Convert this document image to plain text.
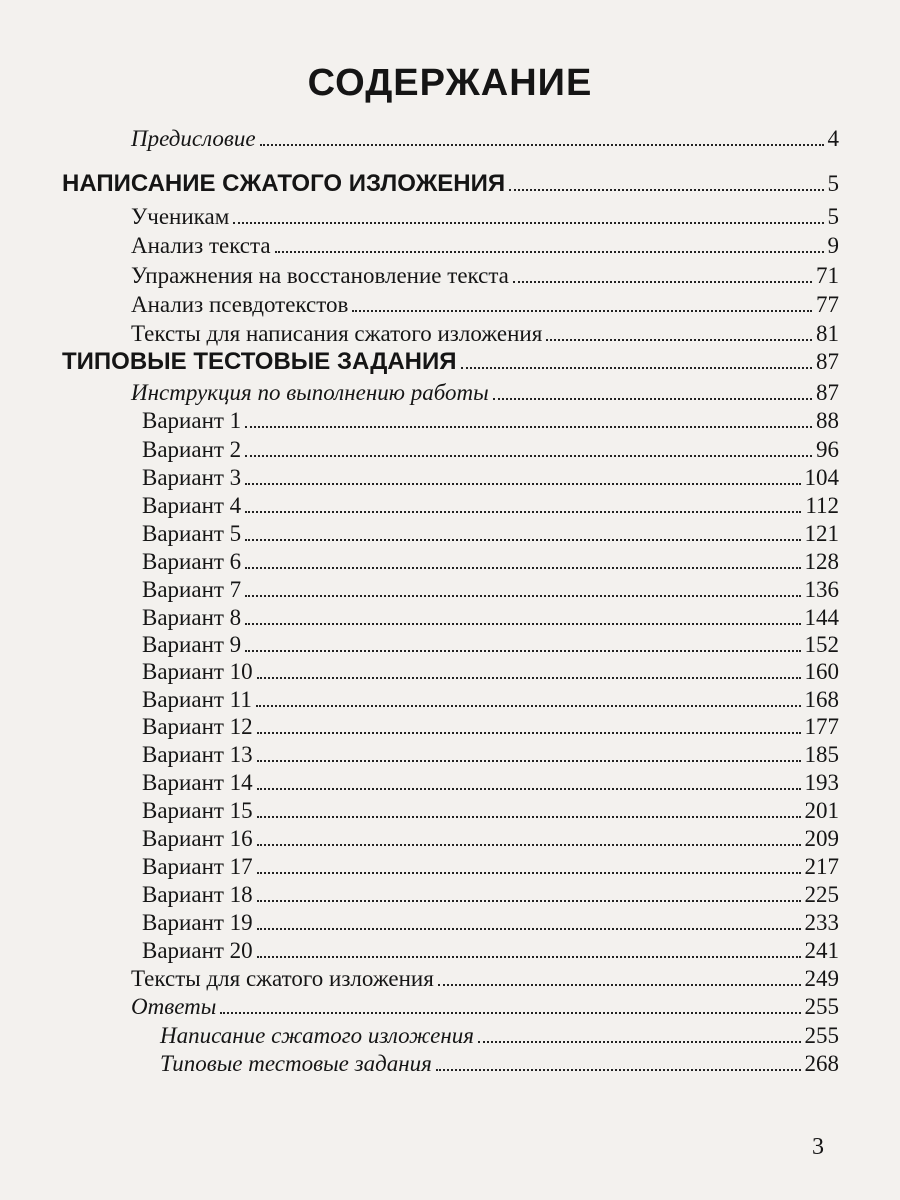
СОДЕРЖАНИЕ
Предисловие	4
НАПИСАНИЕ СЖАТОГО ИЗЛОЖЕНИЯ	5
Ученикам	5
Анализ текста	9
Упражнения на восстановление текста	71
Анализ псевдотекстов	77
Тексты для написания сжатого изложения	81
ТИПОВЫЕ ТЕСТОВЫЕ ЗАДАНИЯ	87
Инструкция по выполнению работы	87
Вариант 1	88
Вариант 2	96
Вариант 3	104
Вариант 4	112
Вариант 5	121
Вариант 6	128
Вариант 7	136
Вариант 8	144
Вариант 9	152
Вариант 10	160
Вариант 11	168
Вариант 12	177
Вариант 13	185
Вариант 14	193
Вариант 15	201
Вариант 16	209
Вариант 17	217
Вариант 18	225
Вариант 19	233
Вариант 20	241
Тексты для сжатого изложения	249
Ответы	255
Написание сжатого изложения	255
Типовые тестовые задания	268
3
